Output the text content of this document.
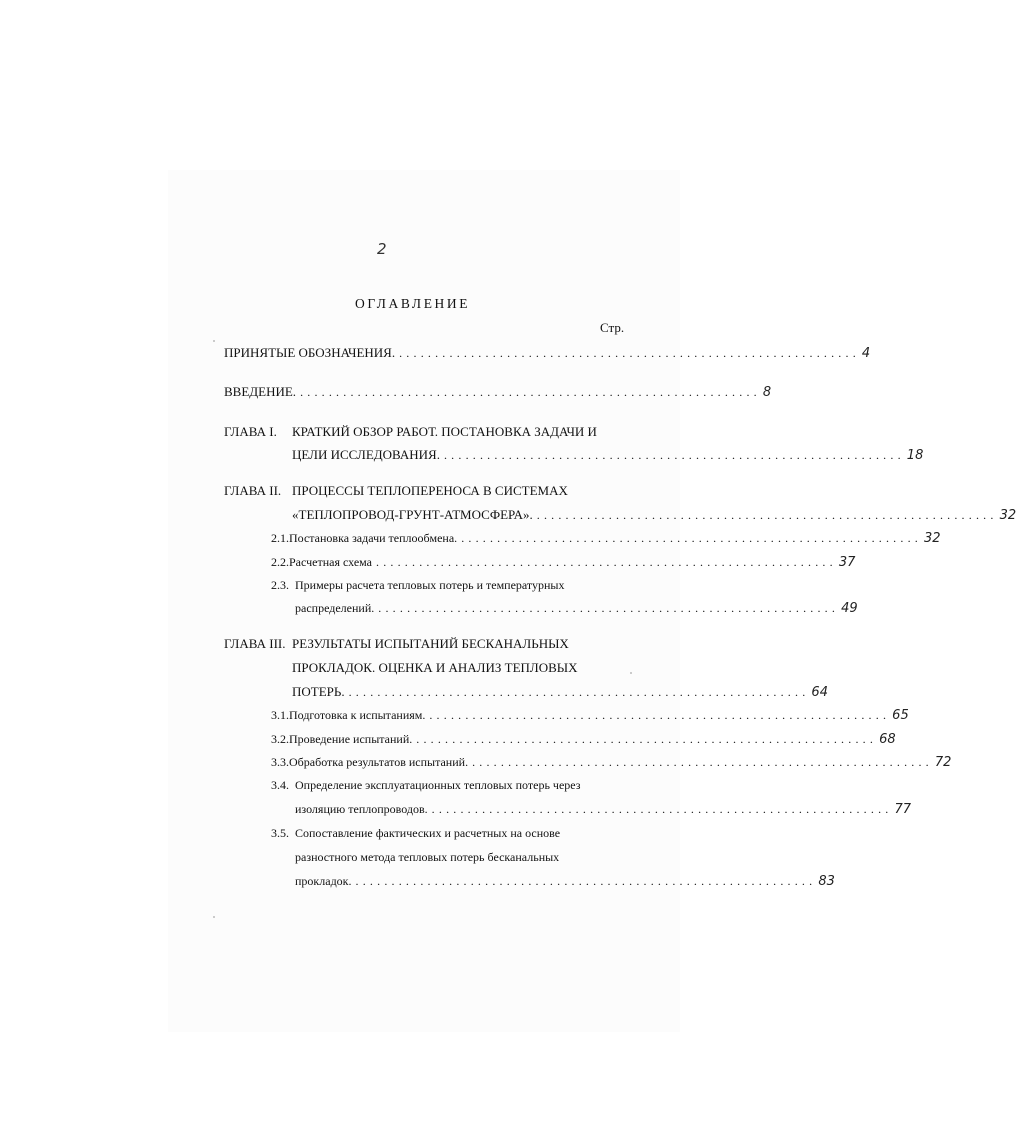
2
ОГЛАВЛЕНИЕ
Стр.
ПРИНЯТЫЕ ОБОЗНАЧЕНИЯ. ................................................................ 4
ВВЕДЕНИЕ. ................................................................ 8
ГЛАВА I.	КРАТКИЙ ОБЗОР РАБОТ. ПОСТАНОВКА ЗАДАЧИ И
ЦЕЛИ ИССЛЕДОВАНИЯ. ................................................................ 18
ГЛАВА II. ПРОЦЕССЫ ТЕПЛОПЕРЕНОСА В СИСТЕМАХ
«ТЕПЛОПРОВОД-ГРУНТ-АТМОСФЕРА». ................................................................ 32
2.1. Постановка задачи теплообмена. ................................................................ 32
2.2. Расчетная схема ................................................................ 37
2.3. Примеры расчета тепловых потерь и температурных
распределений. ................................................................ 49
ГЛАВА III. РЕЗУЛЬТАТЫ ИСПЫТАНИЙ БЕСКАНАЛЬНЫХ
ПРОКЛАДОК. ОЦЕНКА И АНАЛИЗ ТЕПЛОВЫХ
ПОТЕРЬ. ................................................................ 64
3.1. Подготовка к испытаниям. ................................................................ 65
3.2. Проведение испытаний. ................................................................ 68
3.3. Обработка результатов испытаний. ................................................................ 72
3.4. Определение эксплуатационных тепловых потерь через
изоляцию теплопроводов. ................................................................ 77
3.5. Сопоставление фактических и расчетных на основе
разностного метода тепловых потерь бесканальных
прокладок. ................................................................ 83
